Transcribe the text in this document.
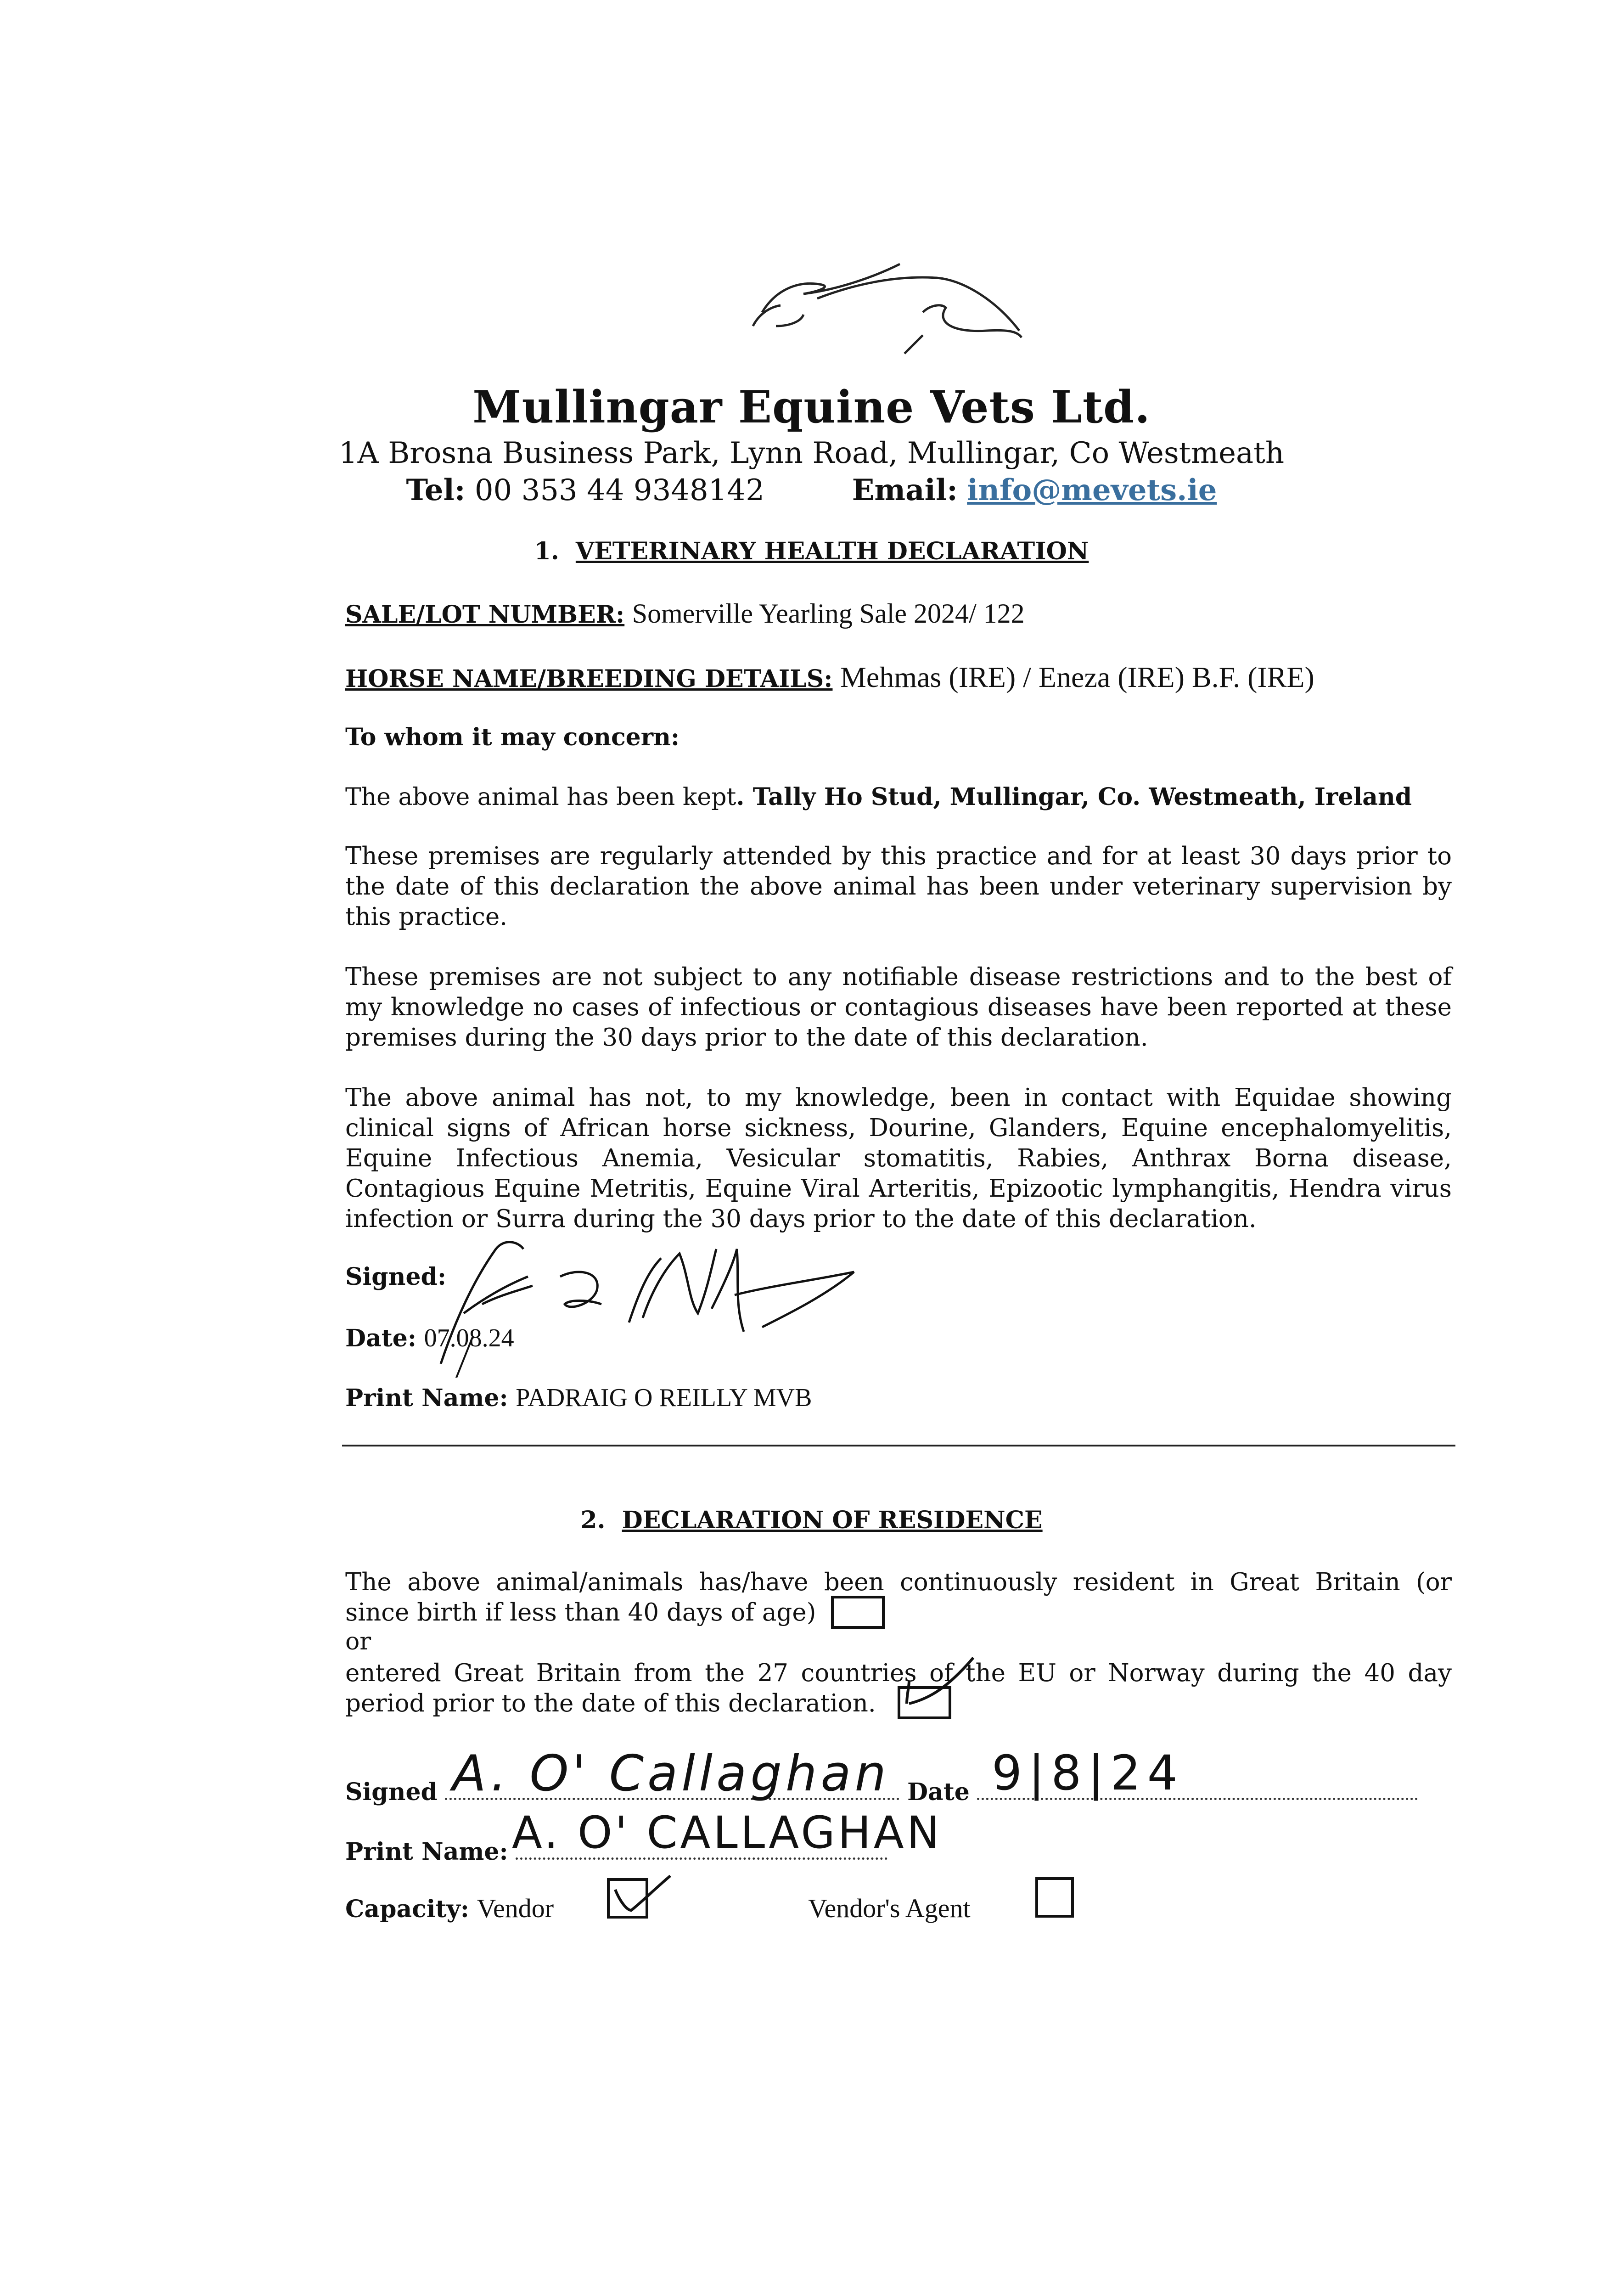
Mullingar Equine Vets Ltd.
1A Brosna Business Park, Lynn Road, Mullingar, Co Westmeath
Tel: 00 353 44 9348142	Email: info@mevets.ie
1. VETERINARY HEALTH DECLARATION
SALE/LOT NUMBER: Somerville Yearling Sale 2024/ 122
HORSE NAME/BREEDING DETAILS: Mehmas (IRE) / Eneza (IRE) B.F. (IRE)
To whom it may concern:
The above animal has been kept. Tally Ho Stud, Mullingar, Co. Westmeath, Ireland
These premises are regularly attended by this practice and for at least 30 days prior to
the date of this declaration the above animal has been under veterinary supervision by
this practice.
These premises are not subject to any notifiable disease restrictions and to the best of
my knowledge no cases of infectious or contagious diseases have been reported at these
premises during the 30 days prior to the date of this declaration.
The above animal has not, to my knowledge, been in contact with Equidae showing
clinical signs of African horse sickness, Dourine, Glanders, Equine encephalomyelitis,
Equine Infectious Anemia, Vesicular stomatitis, Rabies, Anthrax Borna disease,
Contagious Equine Metritis, Equine Viral Arteritis, Epizootic lymphangitis, Hendra virus
infection or Surra during the 30 days prior to the date of this declaration.
Signed:
Date: 07.08.24
Print Name: PADRAIG O REILLY MVB
2. DECLARATION OF RESIDENCE
The above animal/animals has/have been continuously resident in Great Britain (or
since birth if less than 40 days of age)
or
entered Great Britain from the 27 countries of the EU or Norway during the 40 day
period prior to the date of this declaration.
Signed	Date
A. O' Callaghan 9|8|24
Print Name: A. O' CALLAGHAN
Capacity: Vendor	Vendor's Agent
